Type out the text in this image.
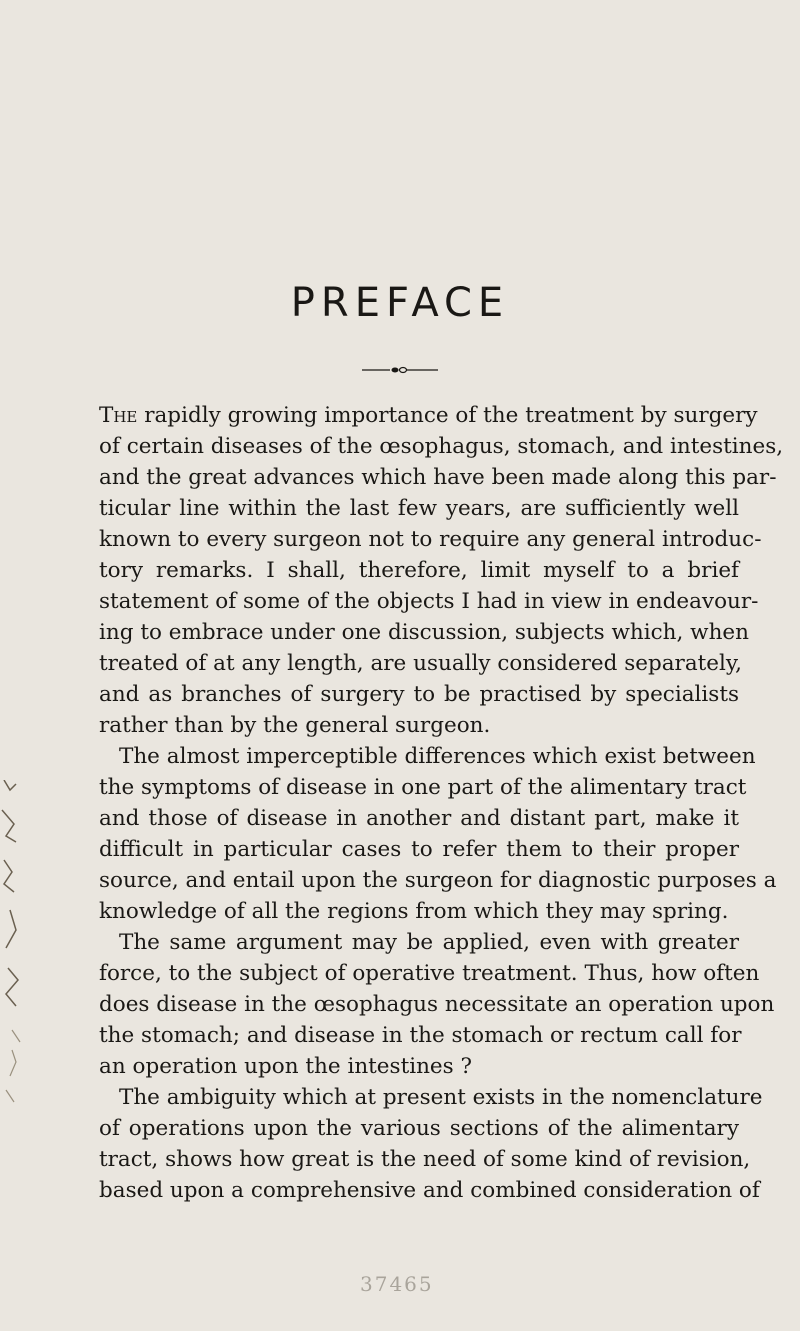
PREFACE
The rapidly growing importance of the treatment by surgery
of certain diseases of the œsophagus, stomach, and intestines,
and the great advances which have been made along this par-
ticular line within the last few years, are sufficiently well
known to every surgeon not to require any general introduc-
tory remarks. I shall, therefore, limit myself to a brief
statement of some of the objects I had in view in endeavour-
ing to embrace under one discussion, subjects which, when
treated of at any length, are usually considered separately,
and as branches of surgery to be practised by specialists
rather than by the general surgeon.
The almost imperceptible differences which exist between
the symptoms of disease in one part of the alimentary tract
and those of disease in another and distant part, make it
difficult in particular cases to refer them to their proper
source, and entail upon the surgeon for diagnostic purposes a
knowledge of all the regions from which they may spring.
The same argument may be applied, even with greater
force, to the subject of operative treatment. Thus, how often
does disease in the œsophagus necessitate an operation upon
the stomach; and disease in the stomach or rectum call for
an operation upon the intestines ?
The ambiguity which at present exists in the nomenclature
of operations upon the various sections of the alimentary
tract, shows how great is the need of some kind of revision,
based upon a comprehensive and combined consideration of
37465
